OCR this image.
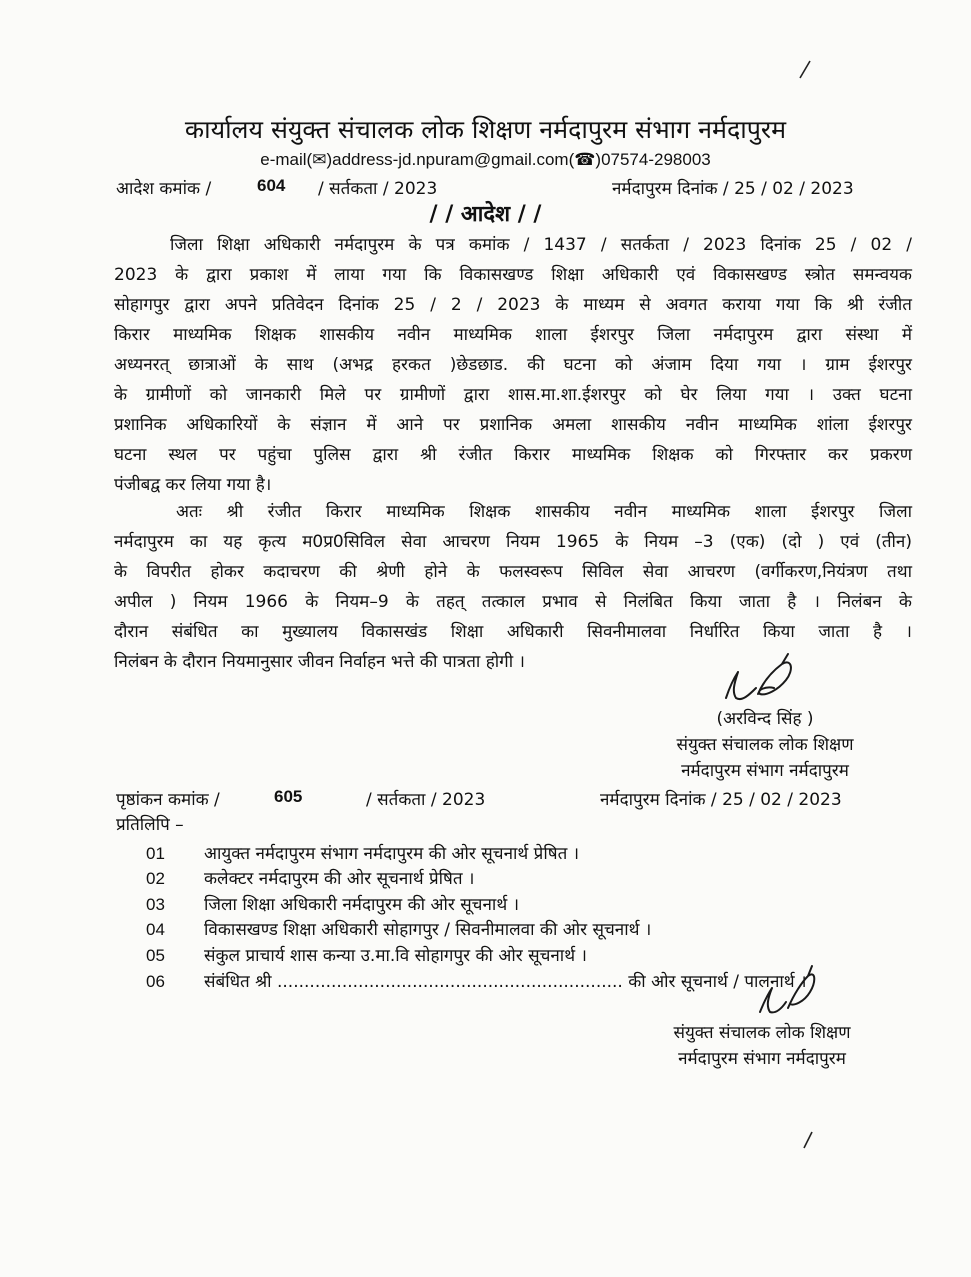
कार्यालय संयुक्त संचालक लोक शिक्षण नर्मदापुरम संभाग नर्मदापुरम
e-mail(✉)address-jd.npuram@gmail.com(☎)07574-298003
आदेश कमांक /	604 / सर्तकता / 2023	नर्मदापुरम दिनांक / 25 / 02 / 2023
/ / आदेश / /
जिला शिक्षा अधिकारी नर्मदापुरम के पत्र कमांक / 1437 / सतर्कता / 2023 दिनांक 25 / 02 /
2023 के द्वारा प्रकाश में लाया गया कि विकासखण्ड शिक्षा अधिकारी एवं विकासखण्ड स्त्रोत समन्वयक
सोहागपुर द्वारा अपने प्रतिवेदन दिनांक 25 / 2 / 2023 के माध्यम से अवगत कराया गया कि श्री रंजीत
किरार माध्यमिक शिक्षक शासकीय नवीन माध्यमिक शाला ईशरपुर जिला नर्मदापुरम द्वारा संस्था में
अध्यनरत् छात्राओं के साथ (अभद्र हरकत )छेडछाड. की घटना को अंजाम दिया गया । ग्राम ईशरपुर
के ग्रामीणों को जानकारी मिले पर ग्रामीणों द्वारा शास.मा.शा.ईशरपुर को घेर लिया गया । उक्त घटना
प्रशानिक अधिकारियों के संज्ञान में आने पर प्रशानिक अमला शासकीय नवीन माध्यमिक शांला ईशरपुर
घटना स्थल पर पहुंचा पुलिस द्वारा श्री रंजीत किरार माध्यमिक शिक्षक को गिरफ्तार कर प्रकरण
पंजीबद्व कर लिया गया है।
अतः श्री रंजीत किरार माध्यमिक शिक्षक शासकीय नवीन माध्यमिक शाला ईशरपुर जिला
नर्मदापुरम का यह कृत्य म0प्र0सिविल सेवा आचरण नियम 1965 के नियम –3 (एक) (दो ) एवं (तीन)
के विपरीत होकर कदाचरण की श्रेणी होने के फलस्वरूप सिविल सेवा आचरण (वर्गीकरण,नियंत्रण तथा
अपील ) नियम 1966 के नियम–9 के तहत् तत्काल प्रभाव से निलंबित किया जाता है । निलंबन के
दौरान संबंधित का मुख्यालय विकासखंड शिक्षा अधिकारी सिवनीमालवा निर्धारित किया जाता है ।
निलंबन के दौरान नियमानुसार जीवन निर्वाहन भत्ते की पात्रता होगी ।
(अरविन्द सिंह )
संयुक्त संचालक लोक शिक्षण
नर्मदापुरम संभाग नर्मदापुरम
पृष्ठांकन कमांक /	605	/ सर्तकता / 2023	नर्मदापुरम दिनांक / 25 / 02 / 2023
प्रतिलिपि –
01 आयुक्त नर्मदापुरम संभाग नर्मदापुरम की ओर सूचनार्थ प्रेषित ।
02 कलेक्टर नर्मदापुरम की ओर सूचनार्थ प्रेषित ।
03 जिला शिक्षा अधिकारी नर्मदापुरम की ओर सूचनार्थ ।
04 विकासखण्ड शिक्षा अधिकारी सोहागपुर / सिवनीमालवा की ओर सूचनार्थ ।
05 संकुल प्राचार्य शास कन्या उ.मा.वि सोहागपुर की ओर सूचनार्थ ।
06 संबंधित श्री ................................................................ की ओर सूचनार्थ / पालनार्थ ।
संयुक्त संचालक लोक शिक्षण
नर्मदापुरम संभाग नर्मदापुरम
